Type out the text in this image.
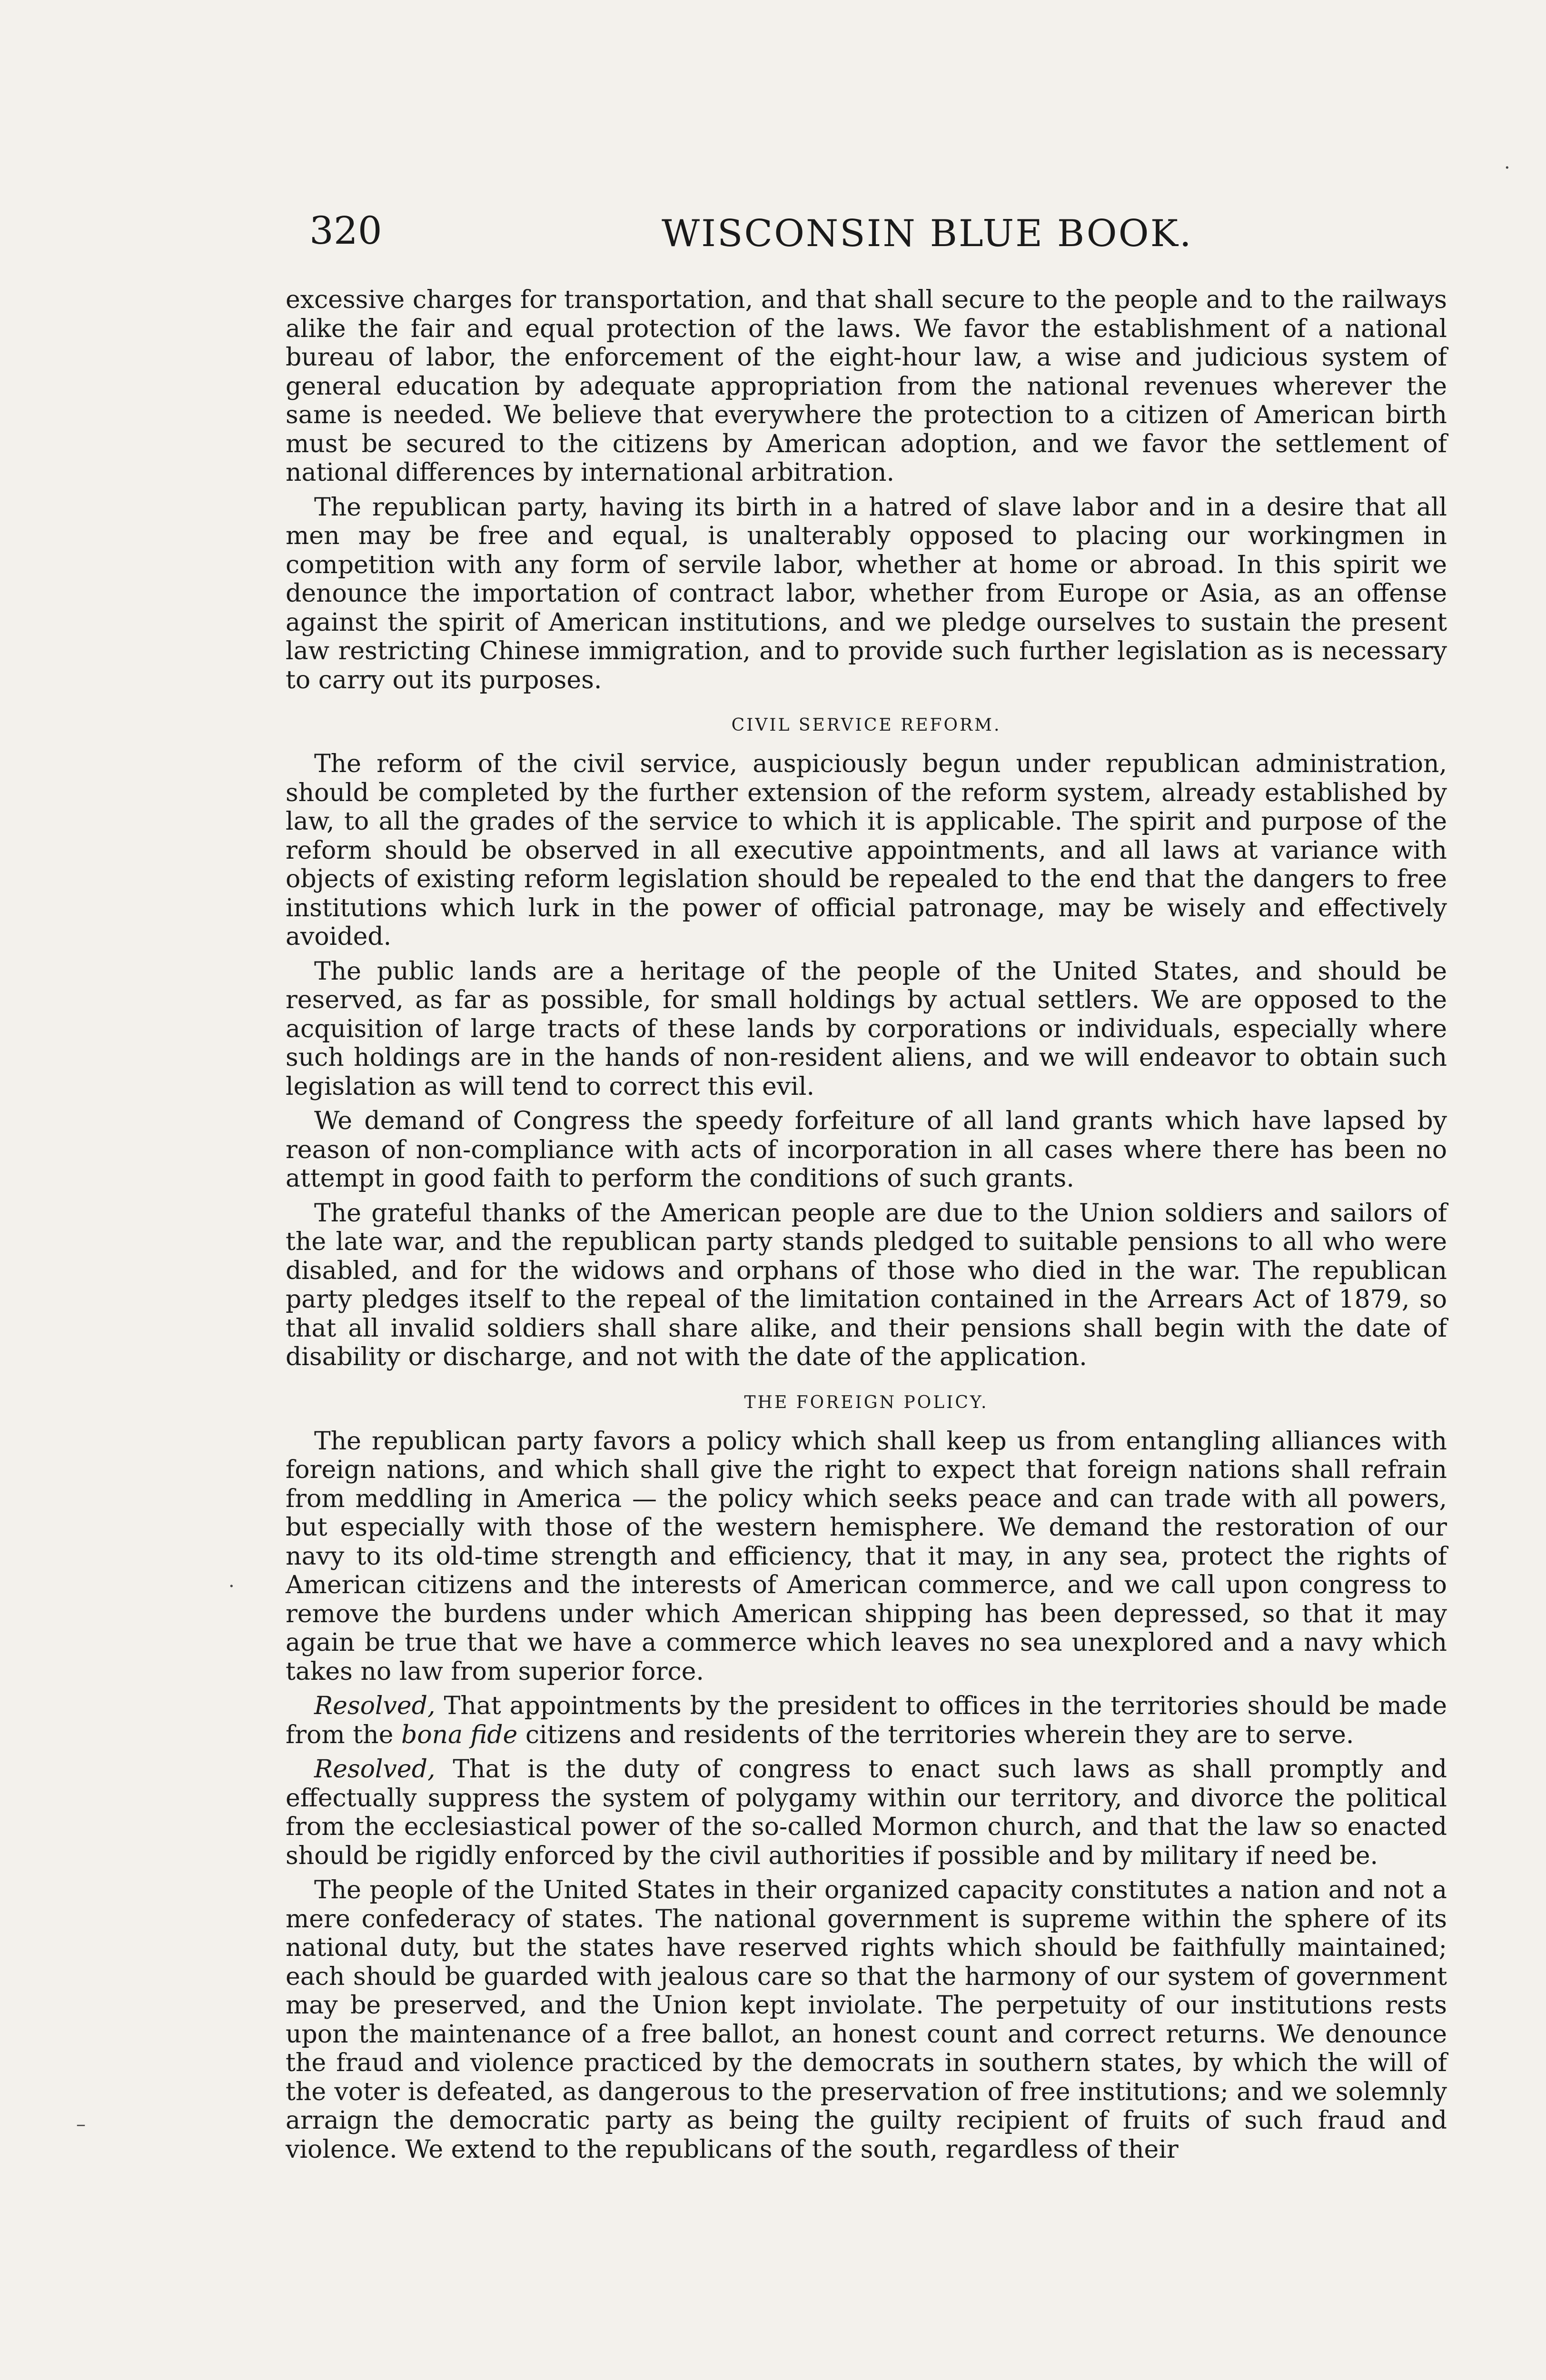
320	WISCONSIN BLUE BOOK.

excessive charges for transportation, and that shall secure to the people and to the railways alike the fair and equal protection of the laws. We favor the establishment of a national bureau of labor, the enforcement of the eight-hour law, a wise and judicious system of general education by adequate appropriation from the national revenues wherever the same is needed. We believe that everywhere the protection to a citizen of American birth must be secured to the citizens by American adoption, and we favor the settlement of national differences by international arbitration.

The republican party, having its birth in a hatred of slave labor and in a desire that all men may be free and equal, is unalterably opposed to placing our workingmen in competition with any form of servile labor, whether at home or abroad. In this spirit we denounce the importation of contract labor, whether from Europe or Asia, as an offense against the spirit of American institutions, and we pledge ourselves to sustain the present law restricting Chinese immigration, and to provide such further legislation as is necessary to carry out its purposes.

CIVIL SERVICE REFORM.

The reform of the civil service, auspiciously begun under republican administration, should be completed by the further extension of the reform system, already established by law, to all the grades of the service to which it is applicable. The spirit and purpose of the reform should be observed in all executive appointments, and all laws at variance with objects of existing reform legislation should be repealed to the end that the dangers to free institutions which lurk in the power of official patronage, may be wisely and effectively avoided.

The public lands are a heritage of the people of the United States, and should be reserved, as far as possible, for small holdings by actual settlers. We are opposed to the acquisition of large tracts of these lands by corporations or individuals, especially where such holdings are in the hands of non-resident aliens, and we will endeavor to obtain such legislation as will tend to correct this evil.

We demand of Congress the speedy forfeiture of all land grants which have lapsed by reason of non-compliance with acts of incorporation in all cases where there has been no attempt in good faith to perform the conditions of such grants.

The grateful thanks of the American people are due to the Union soldiers and sailors of the late war, and the republican party stands pledged to suitable pensions to all who were disabled, and for the widows and orphans of those who died in the war. The republican party pledges itself to the repeal of the limitation contained in the Arrears Act of 1879, so that all invalid soldiers shall share alike, and their pensions shall begin with the date of disability or discharge, and not with the date of the application.

THE FOREIGN POLICY.

The republican party favors a policy which shall keep us from entangling alliances with foreign nations, and which shall give the right to expect that foreign nations shall refrain from meddling in America — the policy which seeks peace and can trade with all powers, but especially with those of the western hemisphere. We demand the restoration of our navy to its old-time strength and efficiency, that it may, in any sea, protect the rights of American citizens and the interests of American commerce, and we call upon congress to remove the burdens under which American shipping has been depressed, so that it may again be true that we have a commerce which leaves no sea unexplored and a navy which takes no law from superior force.

Resolved, That appointments by the president to offices in the territories should be made from the bona fide citizens and residents of the territories wherein they are to serve.

Resolved, That is the duty of congress to enact such laws as shall promptly and effectually suppress the system of polygamy within our territory, and divorce the political from the ecclesiastical power of the so-called Mormon church, and that the law so enacted should be rigidly enforced by the civil authorities if possible and by military if need be.

The people of the United States in their organized capacity constitutes a nation and not a mere confederacy of states. The national government is supreme within the sphere of its national duty, but the states have reserved rights which should be faithfully maintained; each should be guarded with jealous care so that the harmony of our system of government may be preserved, and the Union kept inviolate. The perpetuity of our institutions rests upon the maintenance of a free ballot, an honest count and correct returns. We denounce the fraud and violence practiced by the democrats in southern states, by which the will of the voter is defeated, as dangerous to the preservation of free institutions; and we solemnly arraign the democratic party as being the guilty recipient of fruits of such fraud and violence. We extend to the republicans of the south, regardless of their

·
·
–
